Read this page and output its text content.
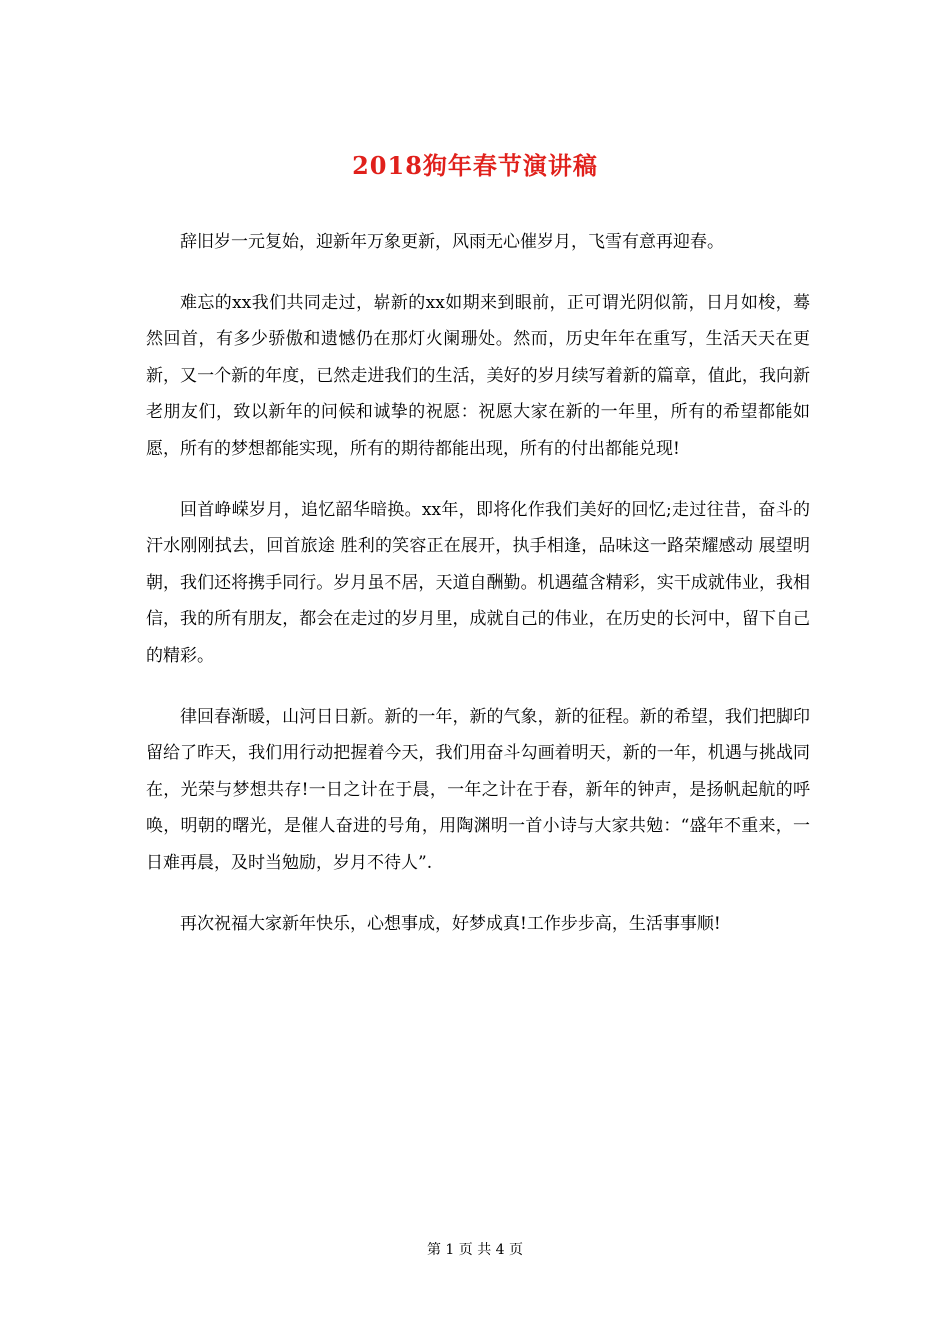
2018狗年春节演讲稿

辞旧岁一元复始，迎新年万象更新，风雨无心催岁月，飞雪有意再迎春。

难忘的xx我们共同走过，崭新的xx如期来到眼前，正可谓光阴似箭，日月如梭，蓦然回首，有多少骄傲和遗憾仍在那灯火阑珊处。然而，历史年年在重写，生活天天在更新，又一个新的年度，已然走进我们的生活，美好的岁月续写着新的篇章，值此，我向新老朋友们，致以新年的问候和诚挚的祝愿：祝愿大家在新的一年里，所有的希望都能如愿，所有的梦想都能实现，所有的期待都能出现，所有的付出都能兑现!

回首峥嵘岁月，追忆韶华暗换。xx年，即将化作我们美好的回忆;走过往昔，奋斗的汗水刚刚拭去，回首旅途 胜利的笑容正在展开，执手相逢，品味这一路荣耀感动 展望明朝，我们还将携手同行。岁月虽不居，天道自酬勤。机遇蕴含精彩，实干成就伟业，我相信，我的所有朋友，都会在走过的岁月里，成就自己的伟业，在历史的长河中，留下自己的精彩。

律回春渐暖，山河日日新。新的一年，新的气象，新的征程。新的希望，我们把脚印留给了昨天，我们用行动把握着今天，我们用奋斗勾画着明天，新的一年，机遇与挑战同在，光荣与梦想共存!一日之计在于晨，一年之计在于春，新年的钟声，是扬帆起航的呼唤，明朝的曙光，是催人奋进的号角，用陶渊明一首小诗与大家共勉：“盛年不重来，一日难再晨，及时当勉励，岁月不待人”.

再次祝福大家新年快乐，心想事成，好梦成真!工作步步高，生活事事顺!

第 1 页 共 4 页
